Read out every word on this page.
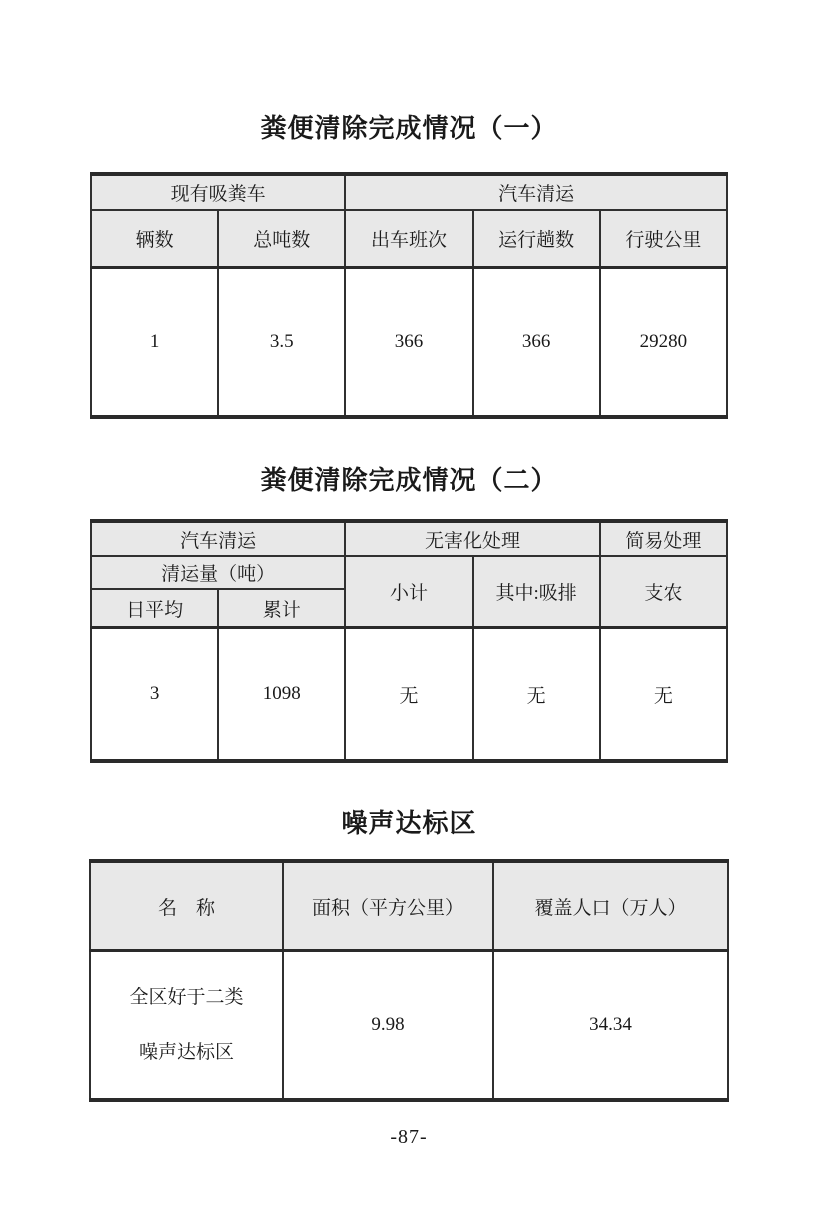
粪便清除完成情况（一）
现有吸粪车		汽车清运		
辆数	总吨数	出车班次	运行趟数	行驶公里
1	3.5	366	366	29280
粪便清除完成情况（二）
汽车清运		无害化处理		简易处理
清运量（吨）		小计	其中:吸排	支农
日平均	累计			
3	1098	无	无	无
噪声达标区
名　称	面积（平方公里）	覆盖人口（万人）

全区好于二类
噪声达标区	9.98	34.34
-87-
